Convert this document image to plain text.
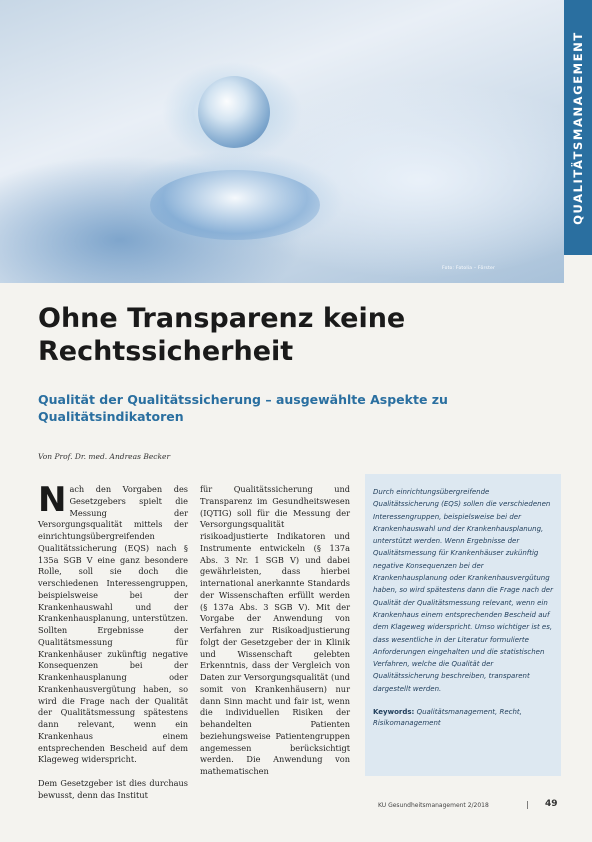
Foto: Fotolia – Förster
QUALITÄTSMANAGEMENT
Ohne Transparenz keine Rechtssicherheit
Qualität der Qualitätssicherung – ausgewählte Aspekte zu Qualitätsindikatoren
Von Prof. Dr. med. Andreas Becker

Nach den Vorgaben des Gesetzgebers spielt die Messung der Versorgungsqualität mittels der einrichtungsübergreifenden Qualitätssicherung (EQS) nach § 135a SGB V eine ganz besondere Rolle, soll sie doch die verschiedenen Interessengruppen, beispielsweise bei der Krankenhauswahl und der Krankenhausplanung, unterstützen. Sollten Ergebnisse der Qualitätsmessung für Krankenhäuser zukünftig negative Konsequenzen bei der Krankenhausplanung oder Krankenhausvergütung haben, so wird die Frage nach der Qualität der Qualitätsmessung spätestens dann relevant, wenn ein Krankenhaus einem entsprechenden Bescheid auf dem Klageweg widerspricht.

Dem Gesetzgeber ist dies durchaus bewusst, denn das Institut

für Qualitätssicherung und Transparenz im Gesundheitswesen (IQTIG) soll für die Messung der Versorgungsqualität risikoadjustierte Indikatoren und Instrumente entwickeln (§ 137a Abs. 3 Nr. 1 SGB V) und dabei gewährleisten, dass hierbei international anerkannte Standards der Wissenschaften erfüllt werden (§ 137a Abs. 3 SGB V). Mit der Vorgabe der Anwendung von Verfahren zur Risikoadjustierung folgt der Gesetzgeber der in Klinik und Wissenschaft gelebten Erkenntnis, dass der Vergleich von Daten zur Versorgungsqualität (und somit von Krankenhäusern) nur dann Sinn macht und fair ist, wenn die individuellen Risiken der behandelten Patienten beziehungsweise Patientengruppen angemessen berücksichtigt werden. Die Anwendung von mathematischen

Durch einrichtungsübergreifende Qualitätssicherung (EQS) sollen die verschiedenen Interessengruppen, beispielsweise bei der Krankenhauswahl und der Krankenhausplanung, unterstützt werden. Wenn Ergebnisse der Qualitätsmessung für Krankenhäuser zukünftig negative Konsequenzen bei der Krankenhausplanung oder Krankenhausvergütung haben, so wird spätestens dann die Frage nach der Qualität der Qualitätsmessung relevant, wenn ein Krankenhaus einem entsprechenden Bescheid auf dem Klageweg widerspricht. Umso wichtiger ist es, dass wesentliche in der Literatur formulierte Anforderungen eingehalten und die statistischen Verfahren, welche die Qualität der Qualitätssicherung beschreiben, transparent dargestellt werden.
Keywords: Qualitätsmanagement, Recht, Risikomanagement
KU Gesundheitsmanagement 2/2018	| 49
